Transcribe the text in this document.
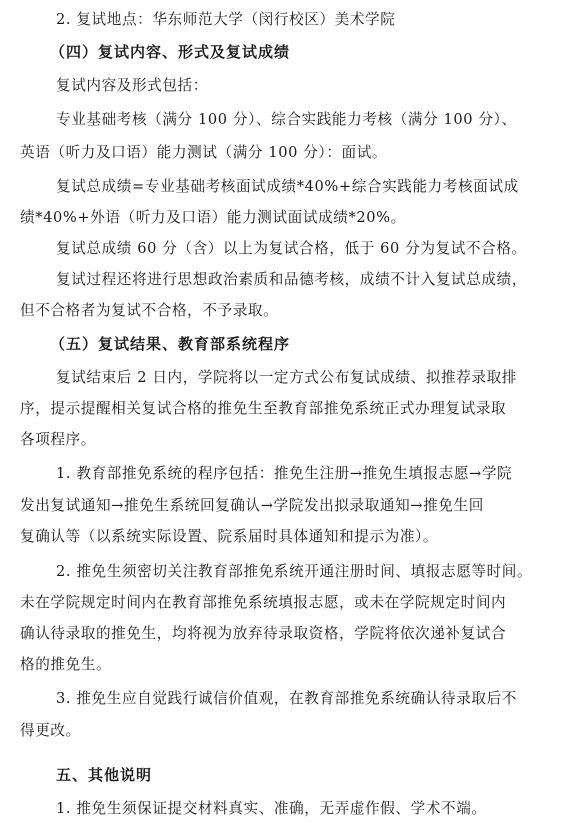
2. 复试地点：华东师范大学（闵行校区）美术学院
（四）复试内容、形式及复试成绩
复试内容及形式包括：
专业基础考核（满分 100 分）、综合实践能力考核（满分 100 分）、
英语（听力及口语）能力测试（满分 100 分）：面试。
复试总成绩=专业基础考核面试成绩*40%+综合实践能力考核面试成
绩*40%+外语（听力及口语）能力测试面试成绩*20%。
复试总成绩 60 分（含）以上为复试合格，低于 60 分为复试不合格。
复试过程还将进行思想政治素质和品德考核，成绩不计入复试总成绩，
但不合格者为复试不合格，不予录取。
（五）复试结果、教育部系统程序
复试结束后 2 日内，学院将以一定方式公布复试成绩、拟推荐录取排
序，提示提醒相关复试合格的推免生至教育部推免系统正式办理复试录取
各项程序。
1. 教育部推免系统的程序包括：推免生注册→推免生填报志愿→学院
发出复试通知→推免生系统回复确认→学院发出拟录取通知→推免生回
复确认等（以系统实际设置、院系届时具体通知和提示为准）。
2. 推免生须密切关注教育部推免系统开通注册时间、填报志愿等时间。
未在学院规定时间内在教育部推免系统填报志愿，或未在学院规定时间内
确认待录取的推免生，均将视为放弃待录取资格，学院将依次递补复试合
格的推免生。
3. 推免生应自觉践行诚信价值观，在教育部推免系统确认待录取后不
得更改。
五、其他说明
1. 推免生须保证提交材料真实、准确，无弄虚作假、学术不端。
